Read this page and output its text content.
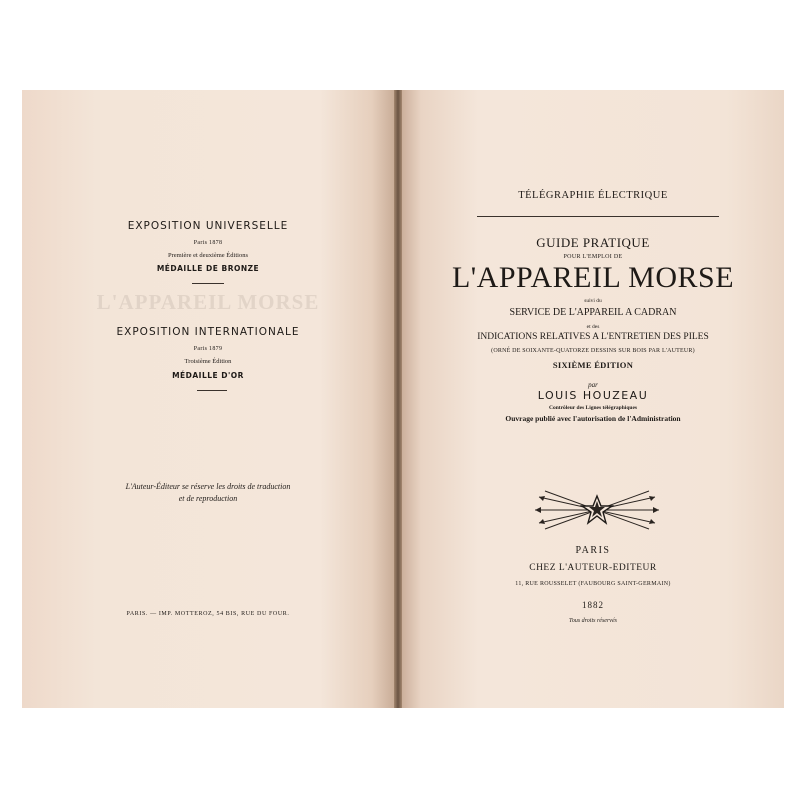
L'APPAREIL MORSE
EXPOSITION UNIVERSELLE
Paris 1878
Première et deuxième Éditions
MÉDAILLE DE BRONZE
EXPOSITION INTERNATIONALE
Paris 1879
Troisième Édition
MÉDAILLE D'OR
L'Auteur-Éditeur se réserve les droits de traduction
et de reproduction
PARIS. — IMP. MOTTEROZ, 54 BIS, RUE DU FOUR.
TÉLÉGRAPHIE ÉLECTRIQUE
GUIDE PRATIQUE
POUR L'EMPLOI DE
L'APPAREIL MORSE
suivi du
SERVICE DE L'APPAREIL A CADRAN
et des
INDICATIONS RELATIVES A L'ENTRETIEN DES PILES
(ORNÉ DE SOIXANTE-QUATORZE DESSINS SUR BOIS PAR L'AUTEUR)
SIXIÈME ÉDITION
par
LOUIS HOUZEAU
Contrôleur des Lignes télégraphiques
Ouvrage publié avec l'autorisation de l'Administration
PARIS
CHEZ L'AUTEUR-EDITEUR
11, RUE ROUSSELET (FAUBOURG SAINT-GERMAIN)
1882
Tous droits réservés
